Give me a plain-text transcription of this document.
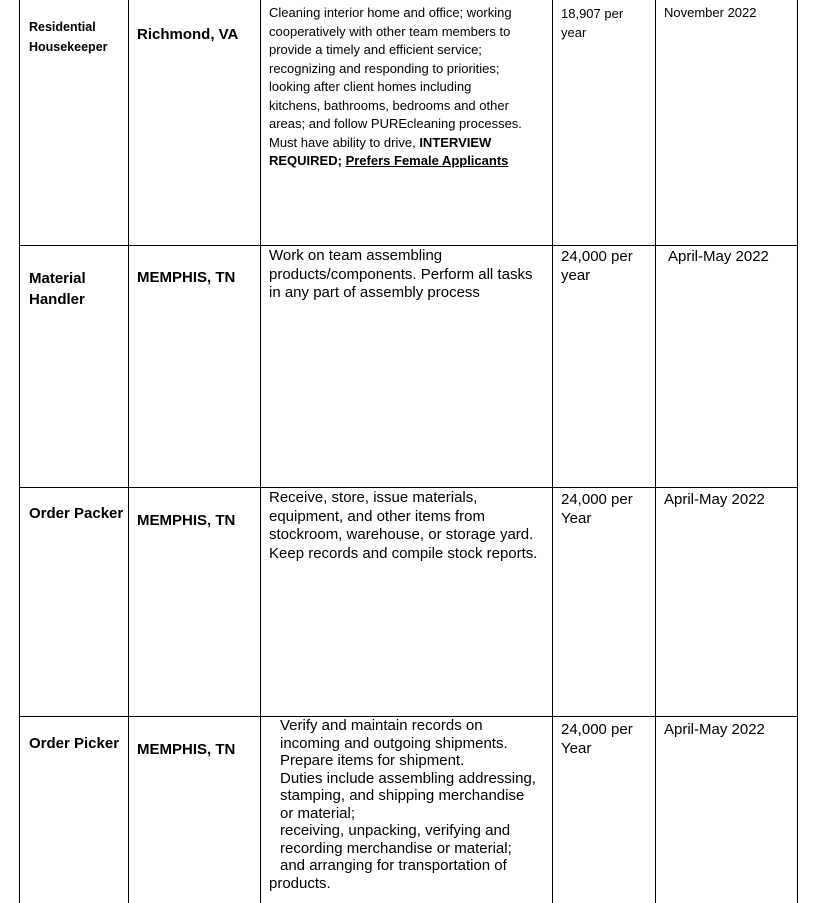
Residential
Housekeeper
Richmond, VA
Cleaning interior home and office; working
cooperatively with other team members to
provide a timely and efficient service;
recognizing and responding to priorities;
looking after client homes including
kitchens, bathrooms, bedrooms and other
areas; and follow PUREcleaning processes.
Must have ability to drive, INTERVIEW
REQUIRED; Prefers Female Applicants
18,907 per
year
November 2022
Material
Handler
MEMPHIS, TN
Work on team assembling
products/components. Perform all tasks
in any part of assembly process
24,000 per
year
April-May 2022
Order Packer MEMPHIS, TN
Receive, store, issue materials,
equipment, and other items from
stockroom, warehouse, or storage yard.
Keep records and compile stock reports.
24,000 per
Year
April-May 2022
Order Picker MEMPHIS, TN
Verify and maintain records on
incoming and outgoing shipments.
Prepare items for shipment.
Duties include assembling addressing,
stamping, and shipping merchandise
or material;
receiving, unpacking, verifying and
recording merchandise or material;
and arranging for transportation of
products.
24,000 per
Year
April-May 2022
